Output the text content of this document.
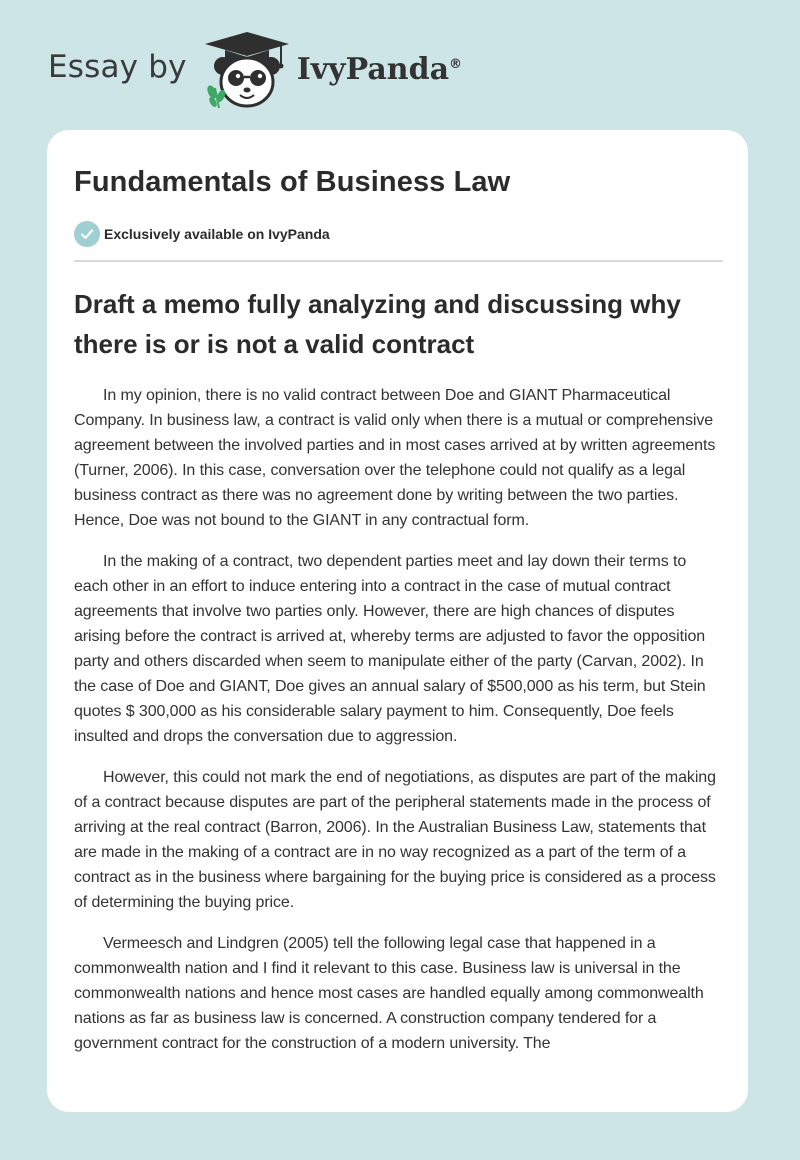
Essay by	IvyPanda®
Fundamentals of Business Law
Exclusively available on IvyPanda
Draft a memo fully analyzing and discussing why there is or is not a valid contract

In my opinion, there is no valid contract between Doe and GIANT Pharmaceutical Company. In business law, a contract is valid only when there is a mutual or comprehensive agreement between the involved parties and in most cases arrived at by written agreements (Turner, 2006). In this case, conversation over the telephone could not qualify as a legal business contract as there was no agreement done by writing between the two parties. Hence, Doe was not bound to the GIANT in any contractual form.

In the making of a contract, two dependent parties meet and lay down their terms to each other in an effort to induce entering into a contract in the case of mutual contract agreements that involve two parties only. However, there are high chances of disputes arising before the contract is arrived at, whereby terms are adjusted to favor the opposition party and others discarded when seem to manipulate either of the party (Carvan, 2002). In the case of Doe and GIANT, Doe gives an annual salary of $500,000 as his term, but Stein quotes $ 300,000 as his considerable salary payment to him. Consequently, Doe feels insulted and drops the conversation due to aggression.

However, this could not mark the end of negotiations, as disputes are part of the making of a contract because disputes are part of the peripheral statements made in the process of arriving at the real contract (Barron, 2006). In the Australian Business Law, statements that are made in the making of a contract are in no way recognized as a part of the term of a contract as in the business where bargaining for the buying price is considered as a process of determining the buying price.

Vermeesch and Lindgren (2005) tell the following legal case that happened in a commonwealth nation and I find it relevant to this case. Business law is universal in the commonwealth nations and hence most cases are handled equally among commonwealth nations as far as business law is concerned. A construction company tendered for a government contract for the construction of a modern university. The
